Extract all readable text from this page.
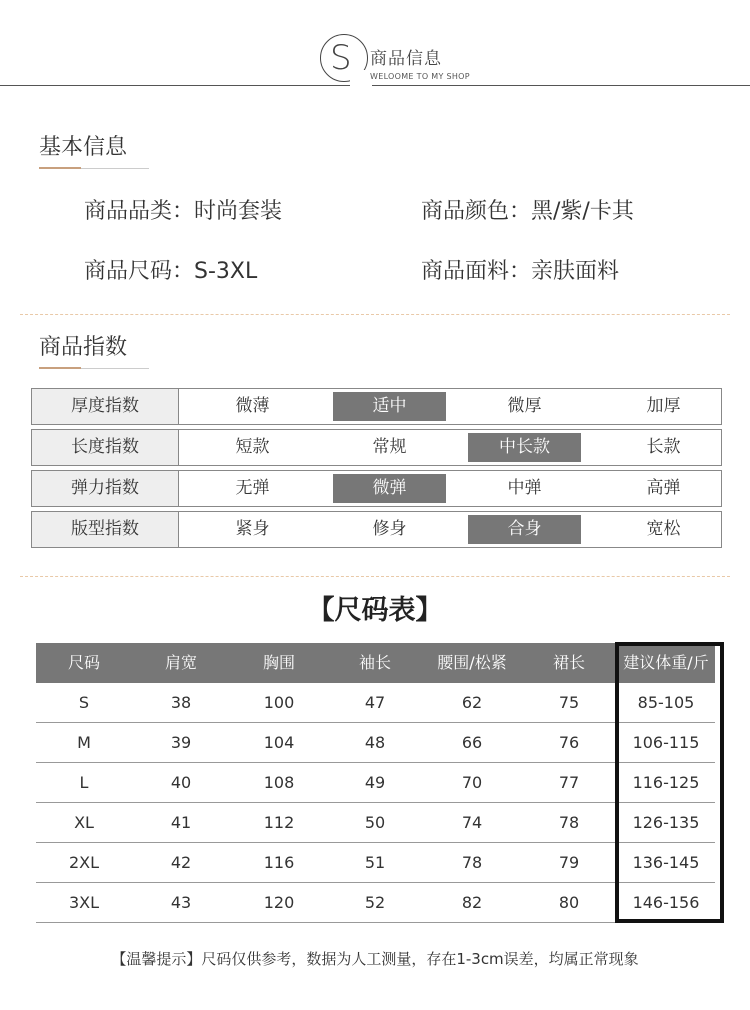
S 商品信息
WELOOME TO MY SHOP
基本信息
商品品类：时尚套装	商品颜色：黑/紫/卡其
商品尺码：S-3XL	商品面料：亲肤面料
商品指数
厚度指数	微薄	适中	微厚	加厚
长度指数	短款	常规	中长款	长款
弹力指数	无弹	微弹	中弹	高弹
版型指数	紧身	修身	合身	宽松
【尺码表】
尺码	肩宽	胸围	袖长	腰围/松紧	裙长	建议体重/斤
S	38	100	47	62	75	85-105
M	39	104	48	66	76	106-115
L	40	108	49	70	77	116-125
XL	41	112	50	74	78	126-135
2XL	42	116	51	78	79	136-145
3XL	43	120	52	82	80	146-156
【温馨提示】尺码仅供参考，数据为人工测量，存在1-3cm误差，均属正常现象
